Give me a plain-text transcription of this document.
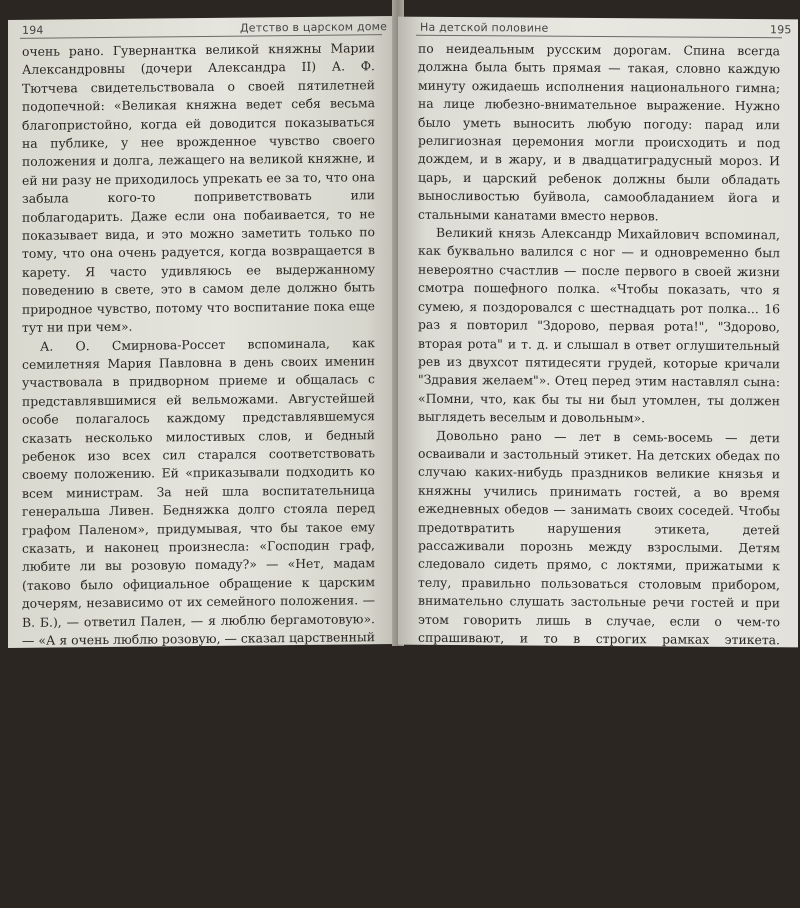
194	Детство в царском доме

очень рано. Гувернантка великой княжны Марии Александровны (дочери Александра II) А. Ф. Тютчева свидетельствовала о своей пятилетней подопечной: «Великая княжна ведет себя весьма благопристойно, когда ей доводится показываться на публике, у нее врожденное чувство своего положения и долга, лежащего на великой княжне, и ей ни разу не приходилось упрекать ее за то, что она забыла кого-то поприветствовать или поблагодарить. Даже если она побаивается, то не показывает вида, и это можно заметить только по тому, что она очень радуется, когда возвращается в карету. Я часто удивляюсь ее выдержанному поведению в свете, это в самом деле должно быть природное чувство, потому что воспитание пока еще тут ни при чем».

А. О. Смирнова-Россет вспоминала, как семилетняя Мария Павловна в день своих именин участвовала в придворном приеме и общалась с представлявшимися ей вельможами. Августейшей особе полагалось каждому представлявшемуся сказать несколько милостивых слов, и бедный ребенок изо всех сил старался соответствовать своему положению. Ей «приказывали подходить ко всем министрам. За ней шла воспитательница генеральша Ливен. Бедняжка долго стояла перед графом Паленом», придумывая, что бы такое ему сказать, и наконец произнесла: «Господин граф, любите ли вы розовую помаду?» — «Нет, мадам (таково было официальное обращение к царским дочерям, независимо от их семейного положения. — В. Б.), — ответил Пален, — я люблю бергамотовую». — «А я очень люблю розовую, — сказал царственный ребенок, — и так как сегодня мои именины, меня ею напомадили». И, наверное, слегка глянула на воспитательницу — хорошо ли она выполнила урок?

В задачи гувернанток и воспитателей входила постоянная шлифовка манер и поведения. Ребенок никогда не должен был расслабляться, приучаясь к тому, что вся его жизнь будет расписана по минутам и подчинена жестким требованиям протокола. Помимо неукоснительной дисциплины для такого образа жизни необходимо было еще и незаурядное здоровье: привычка к многочасовому стоянию на ногах (часто в довольно тяжелой одежде — хотя и не такой тяжелой, как в допетровские времена), к частым и длительным поездкам

На детской половине	195

по неидеальным русским дорогам. Спина всегда должна была быть прямая — такая, словно каждую минуту ожидаешь исполнения национального гимна; на лице любезно-внимательное выражение. Нужно было уметь выносить любую погоду: парад или религиозная церемония могли происходить и под дождем, и в жару, и в двадцатиградусный мороз. И царь, и царский ребенок должны были обладать выносливостью буйвола, самообладанием йога и стальными канатами вместо нервов.

Великий князь Александр Михайлович вспоминал, как буквально валился с ног — и одновременно был невероятно счастлив — после первого в своей жизни смотра пошефного полка. «Чтобы показать, что я сумею, я поздоровался с шестнадцать рот полка... 16 раз я повторил "Здорово, первая рота!", "Здорово, вторая рота" и т. д. и слышал в ответ оглушительный рев из двухсот пятидесяти грудей, которые кричали "Здравия желаем"». Отец перед этим наставлял сына: «Помни, что, как бы ты ни был утомлен, ты должен выглядеть веселым и довольным».

Довольно рано — лет в семь-восемь — дети осваивали и застольный этикет. На детских обедах по случаю каких-нибудь праздников великие князья и княжны учились принимать гостей, а во время ежедневных обедов — занимать своих соседей. Чтобы предотвратить нарушения этикета, детей рассаживали порознь между взрослыми. Детям следовало сидеть прямо, с локтями, прижатыми к телу, правильно пользоваться столовым прибором, внимательно слушать застольные речи гостей и при этом говорить лишь в случае, если о чем-то спрашивают, и то в строгих рамках этикета. Александр Михайлович вспоминал: «Нам было объяснено, что мы должны себя вести в отношении наших соседей так, как вел бы себя наш отец. Мы должны были улыбаться неудачным остротам наших гостей и проявлять особый интерес к политическим новостям». Все промахи детей фиксировались находившимися тут же наставниками и исправлялись или карались немедленно либо по завершении застолья.

Лет с одиннадцати дети начинали участвовать в малых праздничных приемах (у них даже появлялись собственные пажи) и балах, где танцевали церемониальные танцы (в ос-
